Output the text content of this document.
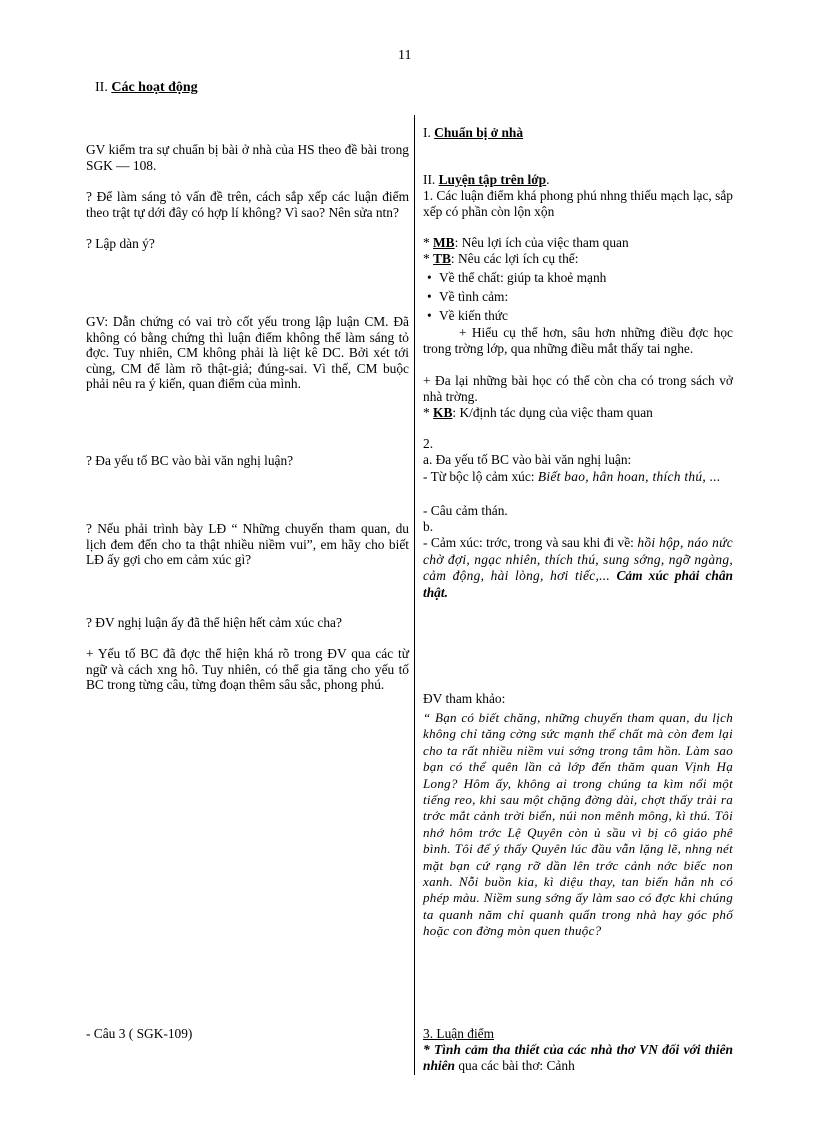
11
II. Các hoạt động

GV kiểm tra sự chuẩn bị bài ở nhà của HS theo đề bài trong SGK — 108.

? Để làm sáng tỏ vấn đề trên, cách sắp xếp các luận điểm theo trật tự dới đây có hợp lí không? Vì sao? Nên sửa ntn?

? Lập dàn ý?

GV: Dẫn chứng có vai trò cốt yếu trong lập luận CM. Đã không có bằng chứng thì luận điểm không thể làm sáng tỏ đợc. Tuy nhiên, CM không phải là liệt kê DC. Bởi xét tới cùng, CM để làm rõ thật-giả; đúng-sai. Vì thế, CM buộc phải nêu ra ý kiến, quan điểm của mình.

? Đa yếu tố BC vào bài văn nghị luận?

? Nếu phải trình bày LĐ “ Những chuyến tham quan, du lịch đem đến cho ta thật nhiều niềm vui”, em hãy cho biết LĐ ấy gợi cho em cảm xúc gì?

? ĐV nghị luận ấy đã thể hiện hết cảm xúc cha?

+ Yếu tố BC đã đợc thể hiện khá rõ trong ĐV qua các từ ngữ và cách xng hô. Tuy nhiên, có thể gia tăng cho yếu tố BC trong từng câu, từng đoạn thêm sâu sắc, phong phú.

- Câu 3 ( SGK-109)

I. Chuẩn bị ở nhà

II. Luyện tập trên lớp.

1. Các luận điểm khá phong phú nhng thiếu mạch lạc, sắp xếp có phần còn lộn xộn

* MB: Nêu lợi ích của việc tham quan

* TB: Nêu các lợi ích cụ thể:

• Về thể chất: giúp ta khoẻ mạnh
• Về tình cảm:
• Về kiến thức

+ Hiểu cụ thể hơn, sâu hơn những điều đợc học trong trờng lớp, qua những điều mắt thấy tai nghe.

+ Đa lại những bài học có thể còn cha có trong sách vở nhà trờng.

* KB: K/định tác dụng của việc tham quan

2.

a. Đa yếu tố BC vào bài văn nghị luận:

- Từ bộc lộ cảm xúc: Biết bao, hân hoan, thích thú, ...

- Câu cảm thán.

b.

- Cảm xúc: trớc, trong và sau khi đi về: hồi hộp, náo nức chờ đợi, ngạc nhiên, thích thú, sung sớng, ngỡ ngàng, cảm động, hài lòng, hơi tiếc,... Cảm xúc phải chân thật.

ĐV tham khảo:

“ Bạn có biết chăng, những chuyến tham quan, du lịch không chỉ tăng cờng sức mạnh thể chất mà còn đem lại cho ta rất nhiều niềm vui sớng trong tâm hồn. Làm sao bạn có thể quên lần cả lớp đến thăm quan Vịnh Hạ Long? Hôm ấy, không ai trong chúng ta kìm nổi một tiếng reo, khi sau một chặng đờng dài, chợt thấy trải ra trớc mắt cảnh trời biển, núi non mênh mông, kì thú. Tôi nhớ hôm trớc Lệ Quyên còn ủ sầu vì bị cô giáo phê bình. Tôi để ý thấy Quyên lúc đầu vẫn lặng lẽ, nhng nét mặt bạn cứ rạng rỡ dần lên trớc cảnh nớc biếc non xanh. Nỗi buồn kia, kì diệu thay, tan biến hẳn nh có phép màu. Niềm sung sớng ấy làm sao có đợc khi chúng ta quanh năm chỉ quanh quẩn trong nhà hay góc phố hoặc con đờng mòn quen thuộc?

3. Luận điểm

* Tình cảm tha thiết của các nhà thơ VN đối với thiên nhiên qua các bài thơ: Cảnh
